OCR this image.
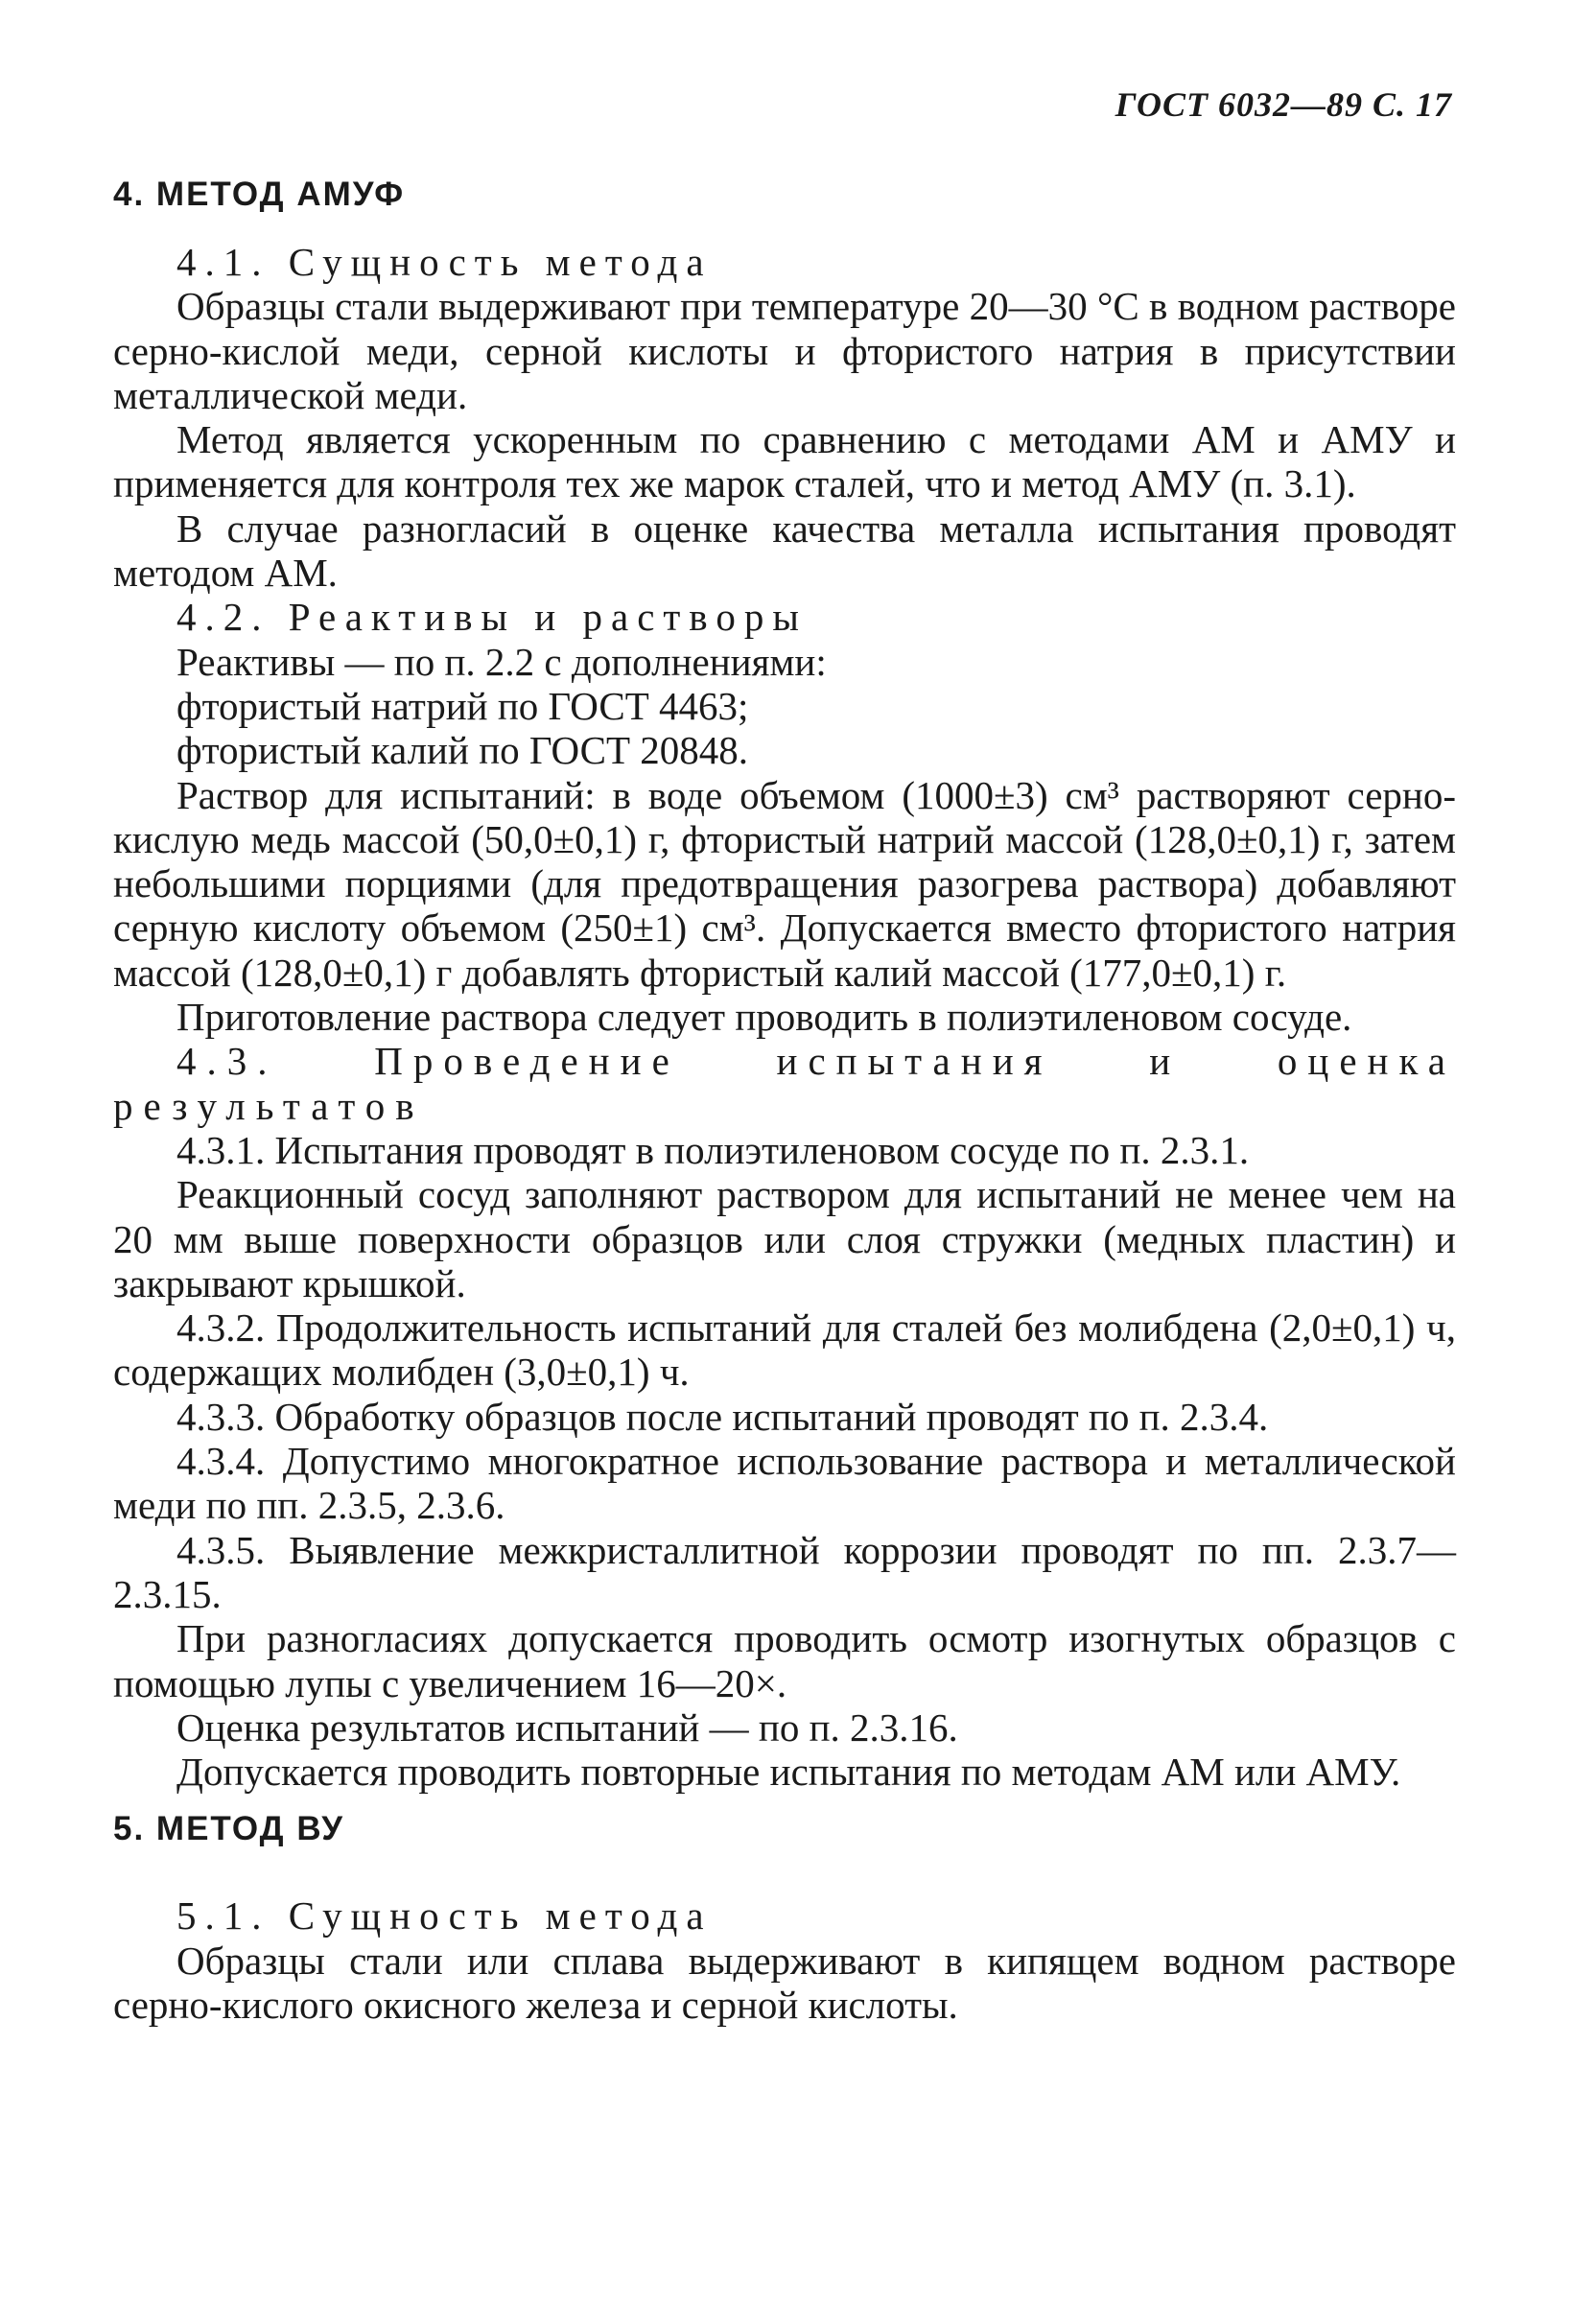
ГОСТ 6032—89 С. 17

4. МЕТОД АМУФ

4.1. Сущность метода

Образцы стали выдерживают при температуре 20—30 °С в водном растворе серно-кислой меди, серной кислоты и фтористого натрия в присутствии металлической меди.

Метод является ускоренным по сравнению с методами АМ и АМУ и применяется для контроля тех же марок сталей, что и метод АМУ (п. 3.1).

В случае разногласий в оценке качества металла испытания проводят методом АМ.

4.2. Реактивы и растворы

Реактивы — по п. 2.2 с дополнениями:

фтористый натрий по ГОСТ 4463;

фтористый калий по ГОСТ 20848.

Раствор для испытаний: в воде объемом (1000±3) см³ растворяют серно-кислую медь массой (50,0±0,1) г, фтористый натрий массой (128,0±0,1) г, затем небольшими порциями (для предотвращения разогрева раствора) добавляют серную кислоту объемом (250±1) см³. Допускается вместо фтористого натрия массой (128,0±0,1) г добавлять фтористый калий массой (177,0±0,1) г.

Приготовление раствора следует проводить в полиэтиленовом сосуде.

4.3. Проведение испытания и оценка результатов

4.3.1. Испытания проводят в полиэтиленовом сосуде по п. 2.3.1.

Реакционный сосуд заполняют раствором для испытаний не менее чем на 20 мм выше поверхности образцов или слоя стружки (медных пластин) и закрывают крышкой.

4.3.2. Продолжительность испытаний для сталей без молибдена (2,0±0,1) ч, содержащих молибден (3,0±0,1) ч.

4.3.3. Обработку образцов после испытаний проводят по п. 2.3.4.

4.3.4. Допустимо многократное использование раствора и металлической меди по пп. 2.3.5, 2.3.6.

4.3.5. Выявление межкристаллитной коррозии проводят по пп. 2.3.7—2.3.15.

При разногласиях допускается проводить осмотр изогнутых образцов с помощью лупы с увеличением 16—20×.

Оценка результатов испытаний — по п. 2.3.16.

Допускается проводить повторные испытания по методам АМ или АМУ.

5. МЕТОД ВУ

5.1. Сущность метода

Образцы стали или сплава выдерживают в кипящем водном растворе серно-кислого окисного железа и серной кислоты.
